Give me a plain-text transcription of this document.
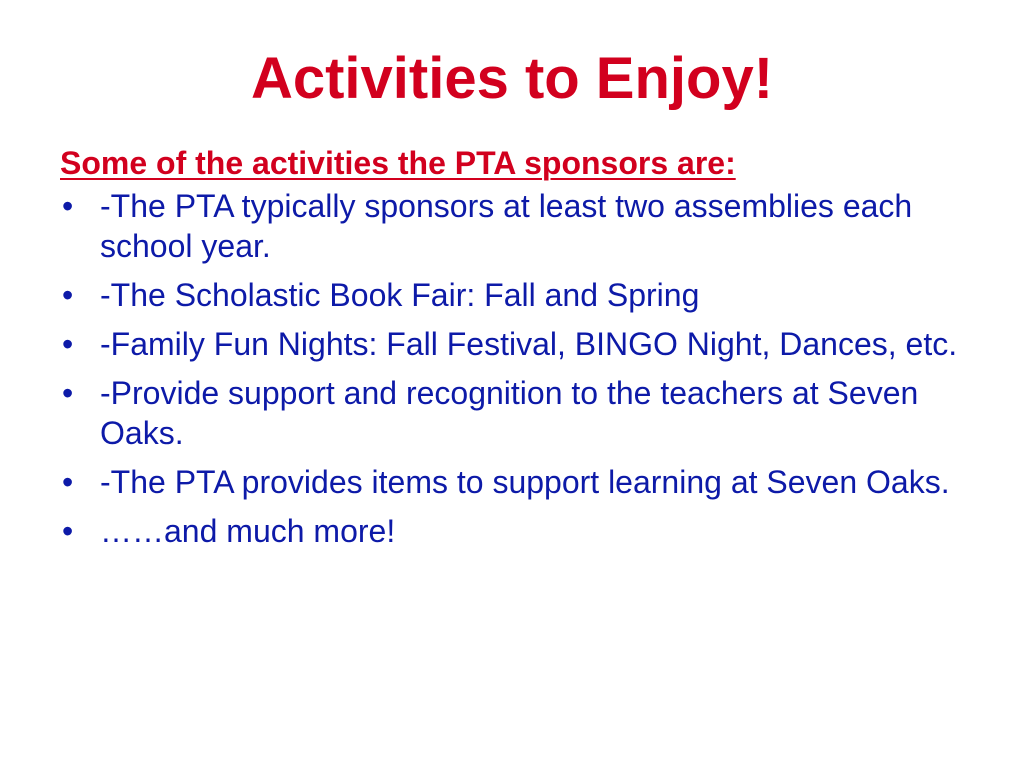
Activities to Enjoy!

Some of the activities the PTA sponsors are:

• -The PTA typically sponsors at least two assemblies each school year.
• -The Scholastic Book Fair: Fall and Spring
• -Family Fun Nights: Fall Festival, BINGO Night, Dances, etc.
• -Provide support and recognition to the teachers at Seven Oaks.
• -The PTA provides items to support learning at Seven Oaks.
• ……and much more!
